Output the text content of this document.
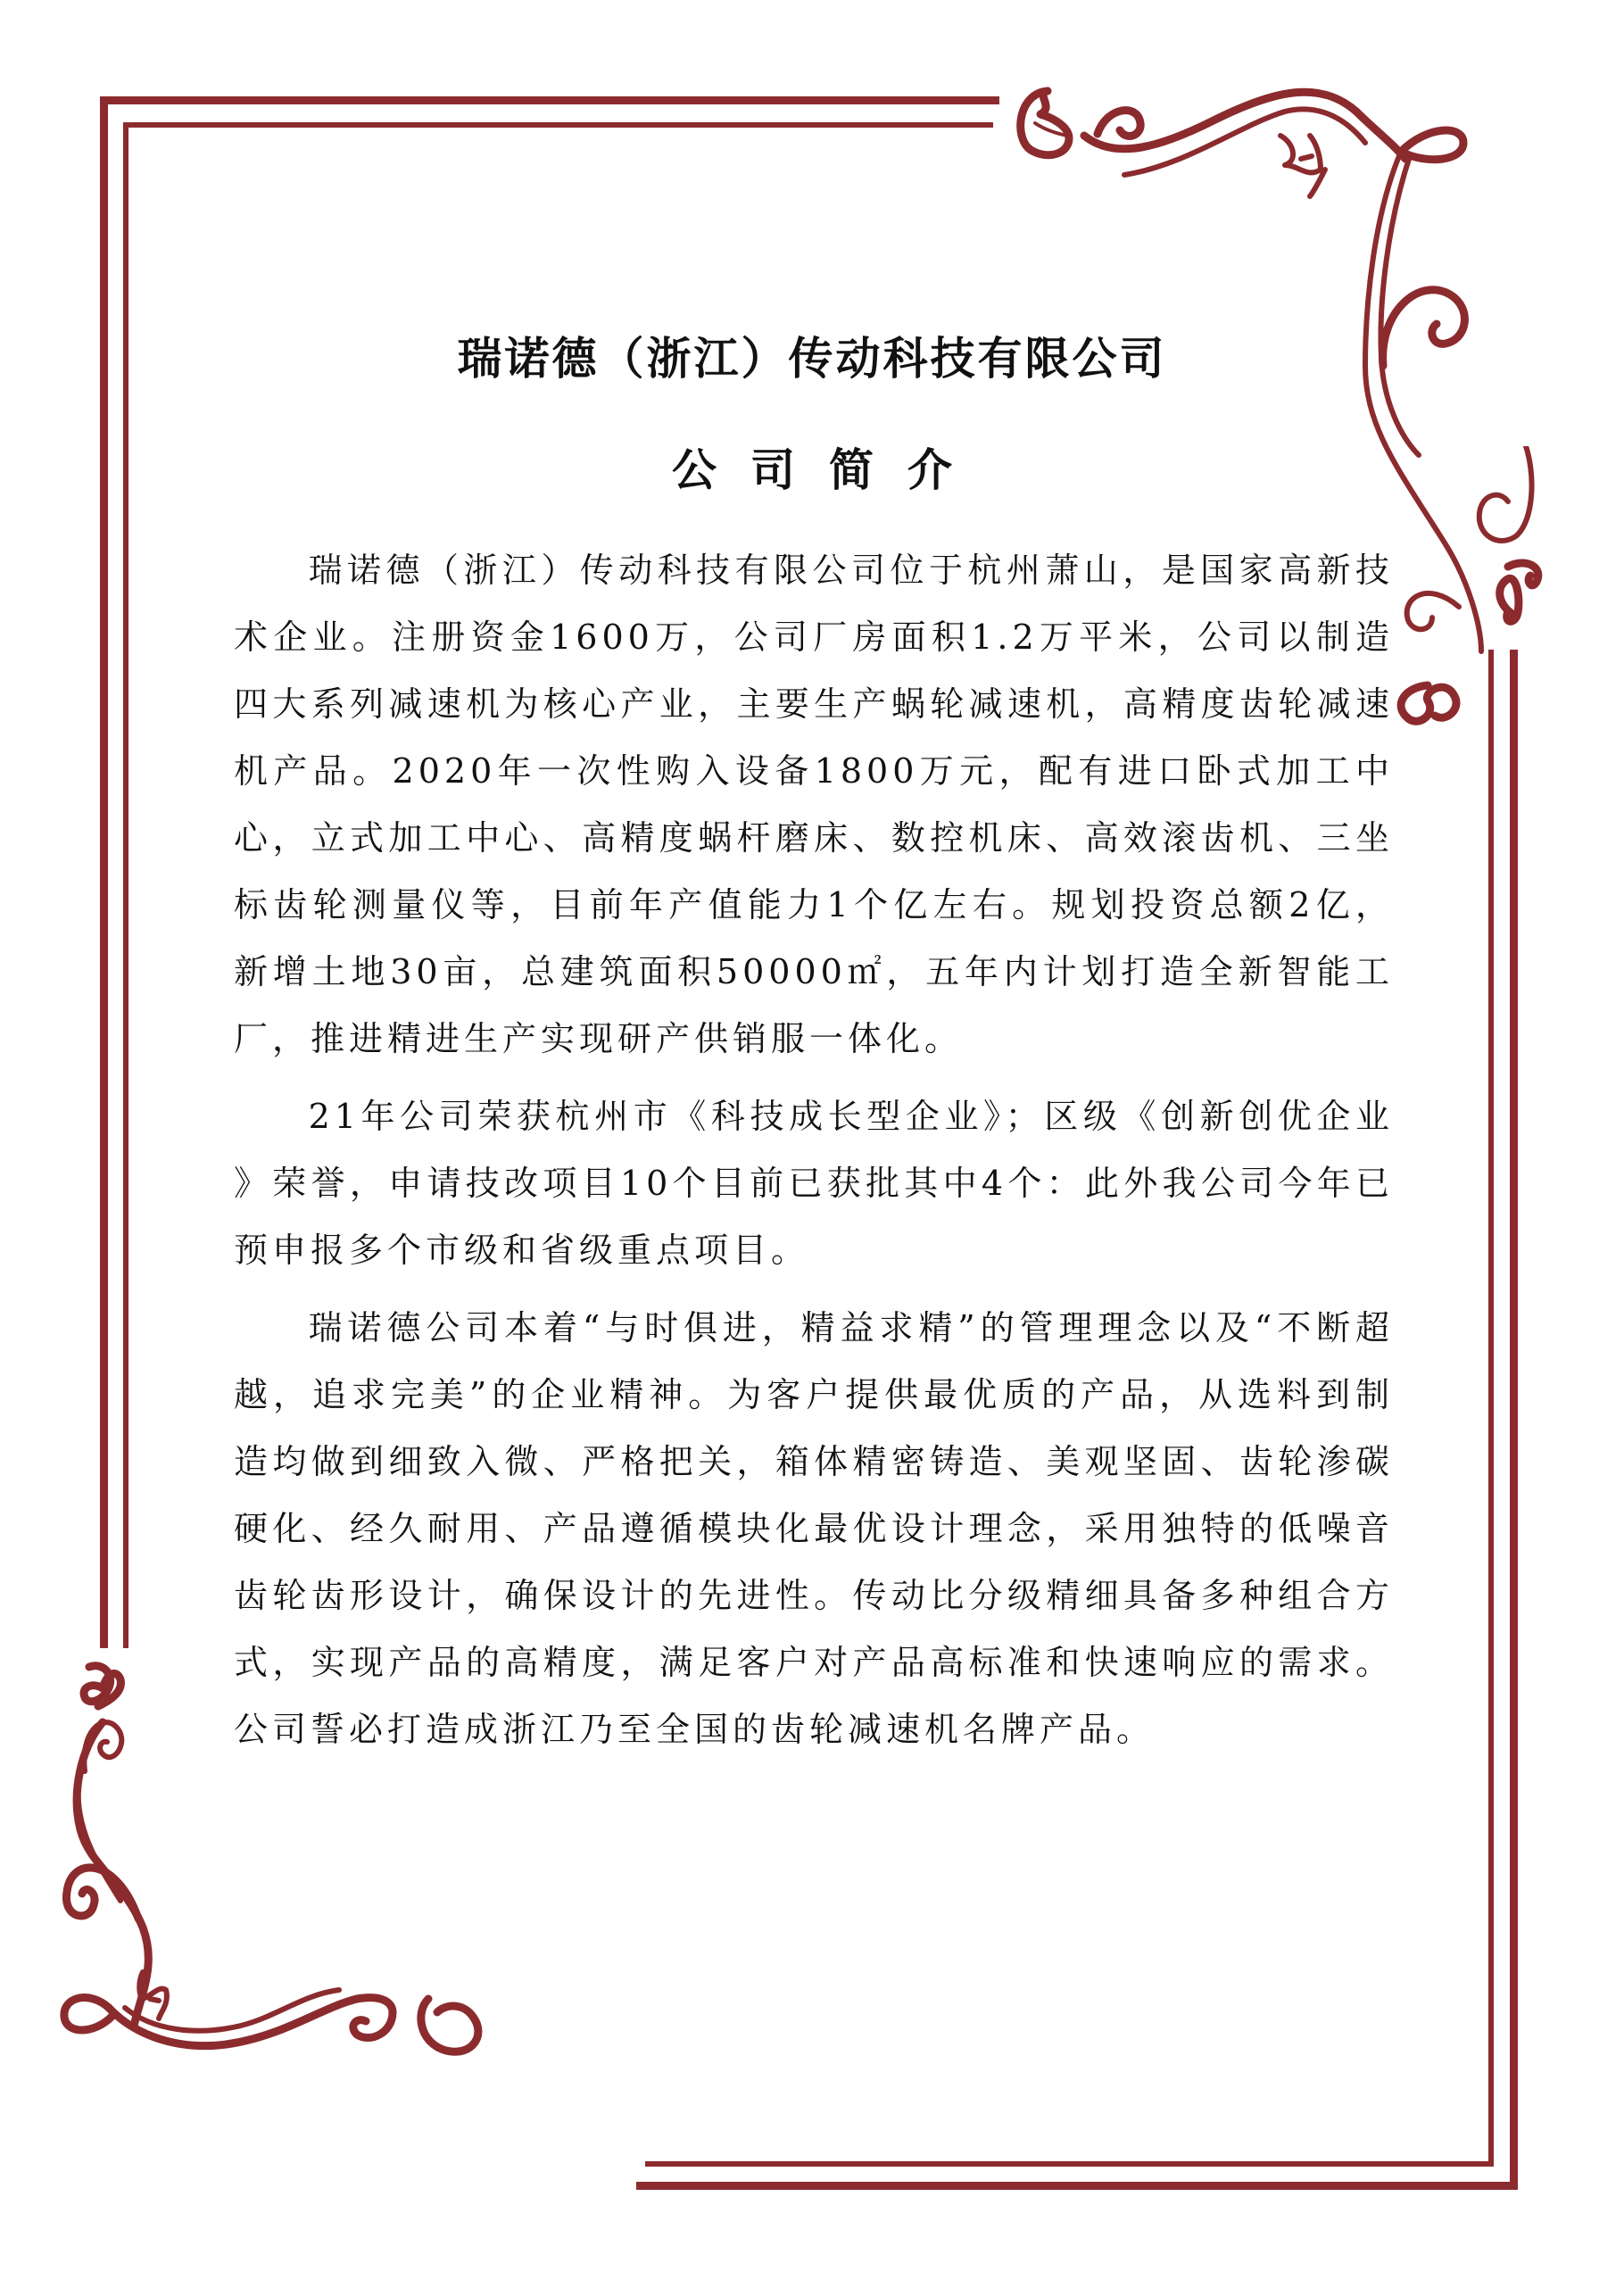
瑞诺德（浙江）传动科技有限公司
公司简介

瑞诺德（浙江）传动科技有限公司位于杭州萧山，是国家高新技术企业。注册资金1600万，公司厂房面积1.2万平米，公司以制造四大系列减速机为核心产业，主要生产蜗轮减速机，高精度齿轮减速机产品。2020年一次性购入设备1800万元，配有进口卧式加工中心，立式加工中心、高精度蜗杆磨床、数控机床、高效滚齿机、三坐标齿轮测量仪等，目前年产值能力1个亿左右。规划投资总额2亿，新增土地30亩，总建筑面积50000㎡，五年内计划打造全新智能工厂，推进精进生产实现研产供销服一体化。

21年公司荣获杭州市《科技成长型企业》；区级《创新创优企业 》荣誉，申请技改项目10个目前已获批其中4个：此外我公司今年已预申报多个市级和省级重点项目。

瑞诺德公司本着“与时俱进，精益求精”的管理理念以及“不断超越，追求完美”的企业精神。为客户提供最优质的产品，从选料到制造均做到细致入微、严格把关，箱体精密铸造、美观坚固、齿轮渗碳硬化、经久耐用、产品遵循模块化最优设计理念，采用独特的低噪音齿轮齿形设计，确保设计的先进性。传动比分级精细具备多种组合方式，实现产品的高精度，满足客户对产品高标准和快速响应的需求。公司誓必打造成浙江乃至全国的齿轮减速机名牌产品。
